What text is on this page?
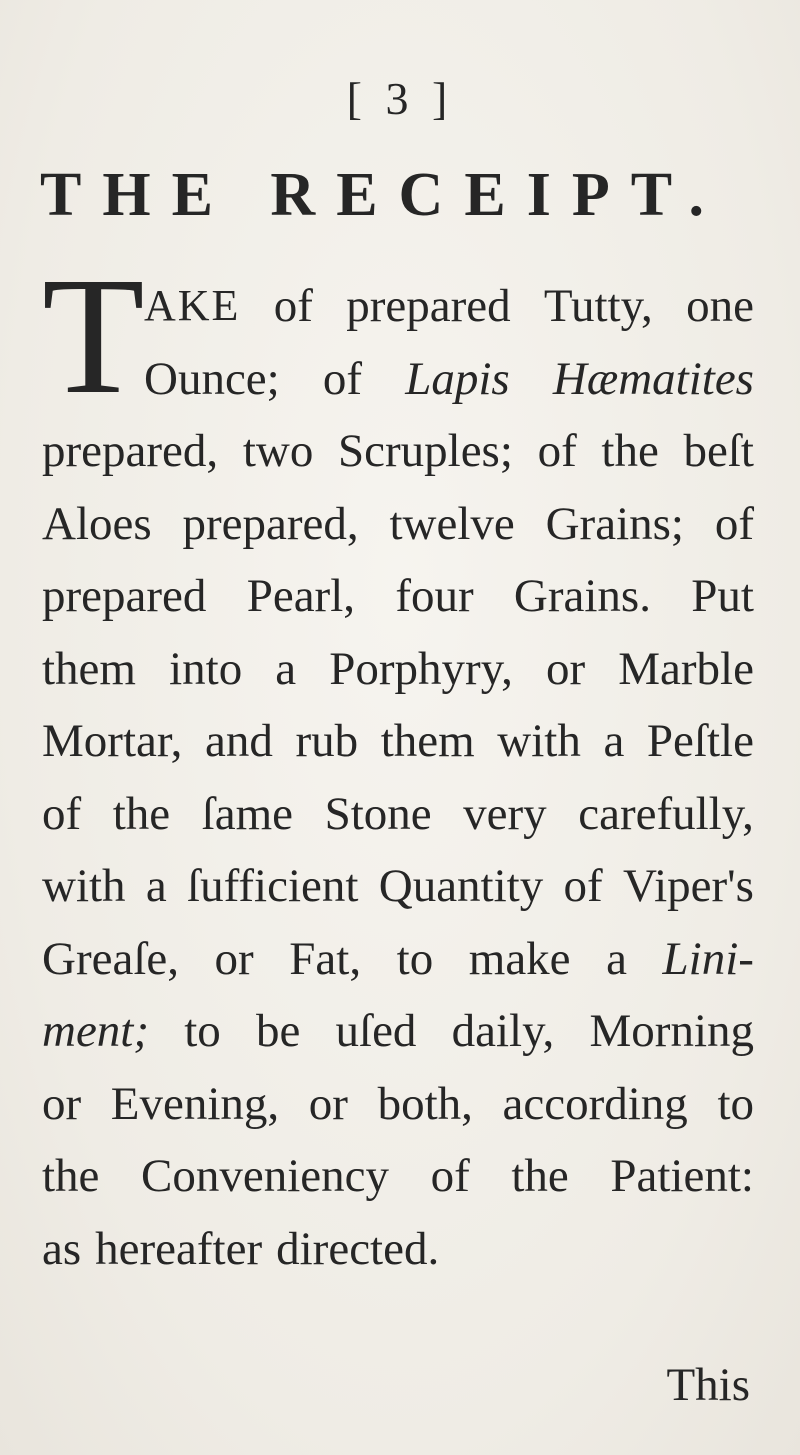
[ 3 ]
THE RECEIPT.
T AKE of prepared Tutty, one
Ounce; of Lapis Hæmatites
prepared, two Scruples; of the beſt
Aloes prepared, twelve Grains; of
prepared Pearl, four Grains. Put
them into a Porphyry, or Marble
Mortar, and rub them with a Peſtle
of the ſame Stone very carefully,
with a ſufficient Quantity of Viper's
Greaſe, or Fat, to make a Lini-
ment; to be uſed daily, Morning
or Evening, or both, according to
the Conveniency of the Patient:
as hereafter directed.
This
